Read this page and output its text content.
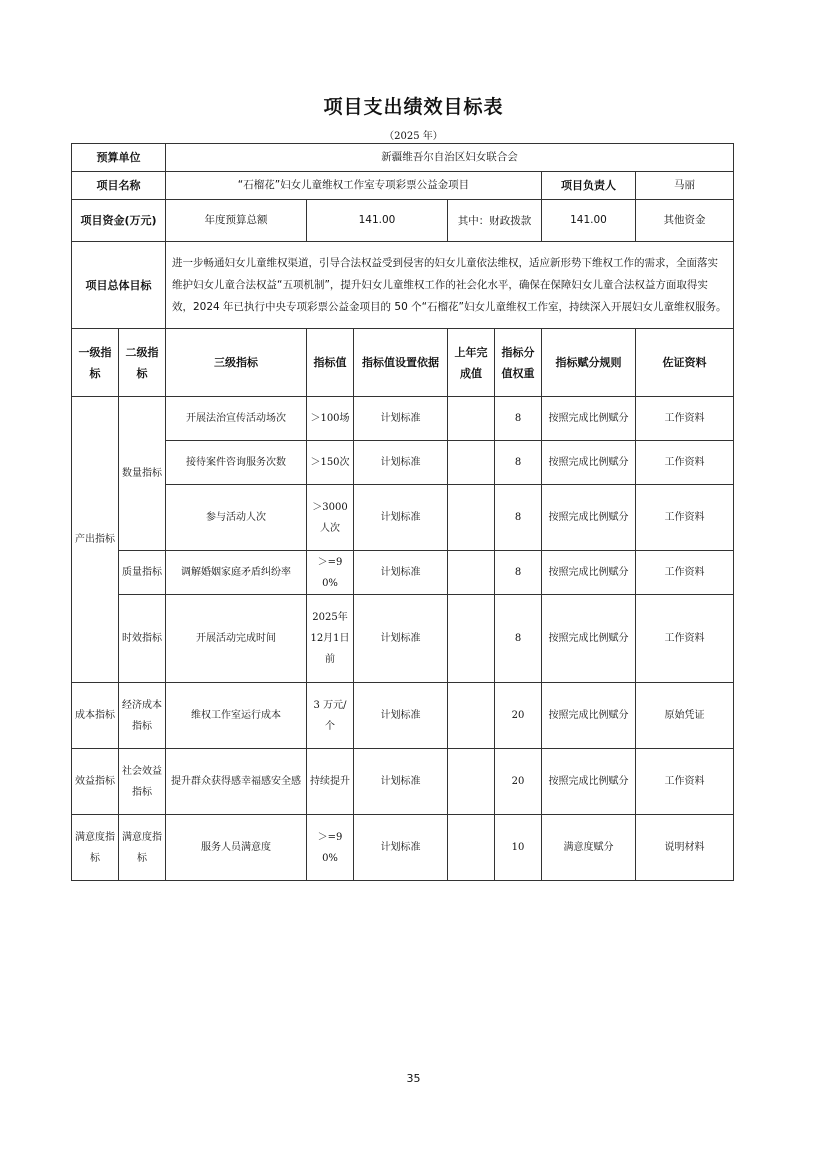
项目支出绩效目标表
（2025 年）
预算单位		新疆维吾尔自治区妇女联合会						
项目名称		“石榴花”妇女儿童维权工作室专项彩票公益金项目					项目负责人	马丽
项目资金(万元)		年度预算总额	141.00		其中：财政拨款		141.00	其他资金
项目总体目标		进一步畅通妇女儿童维权渠道，引导合法权益受到侵害的妇女儿童依法维权，适应新形势下维权工作的需求，全面落实维护妇女儿童合法权益“五项机制”，提升妇女儿童维权工作的社会化水平，确保在保障妇女儿童合法权益方面取得实效，2024 年已执行中央专项彩票公益金项目的 50 个“石榴花”妇女儿童维权工作室，持续深入开展妇女儿童维权服务。						
一级指标	二级指标	三级指标	指标值	指标值设置依据	上年完成值	指标分值权重	指标赋分规则	佐证资料
产出指标	数量指标	开展法治宣传活动场次	＞100场	计划标准		8	按照完成比例赋分	工作资料
		接待案件咨询服务次数	＞150次	计划标准		8	按照完成比例赋分	工作资料
		参与活动人次	＞3000人次	计划标准		8	按照完成比例赋分	工作资料
	质量指标	调解婚姻家庭矛盾纠纷率	＞=90%	计划标准		8	按照完成比例赋分	工作资料
	时效指标	开展活动完成时间	2025年12月1日前	计划标准		8	按照完成比例赋分	工作资料
成本指标	经济成本指标	维权工作室运行成本	3 万元/个	计划标准		20	按照完成比例赋分	原始凭证
效益指标	社会效益指标	提升群众获得感幸福感安全感	持续提升	计划标准		20	按照完成比例赋分	工作资料
满意度指标	满意度指标	服务人员满意度	＞=90%	计划标准		10	满意度赋分	说明材料
35
